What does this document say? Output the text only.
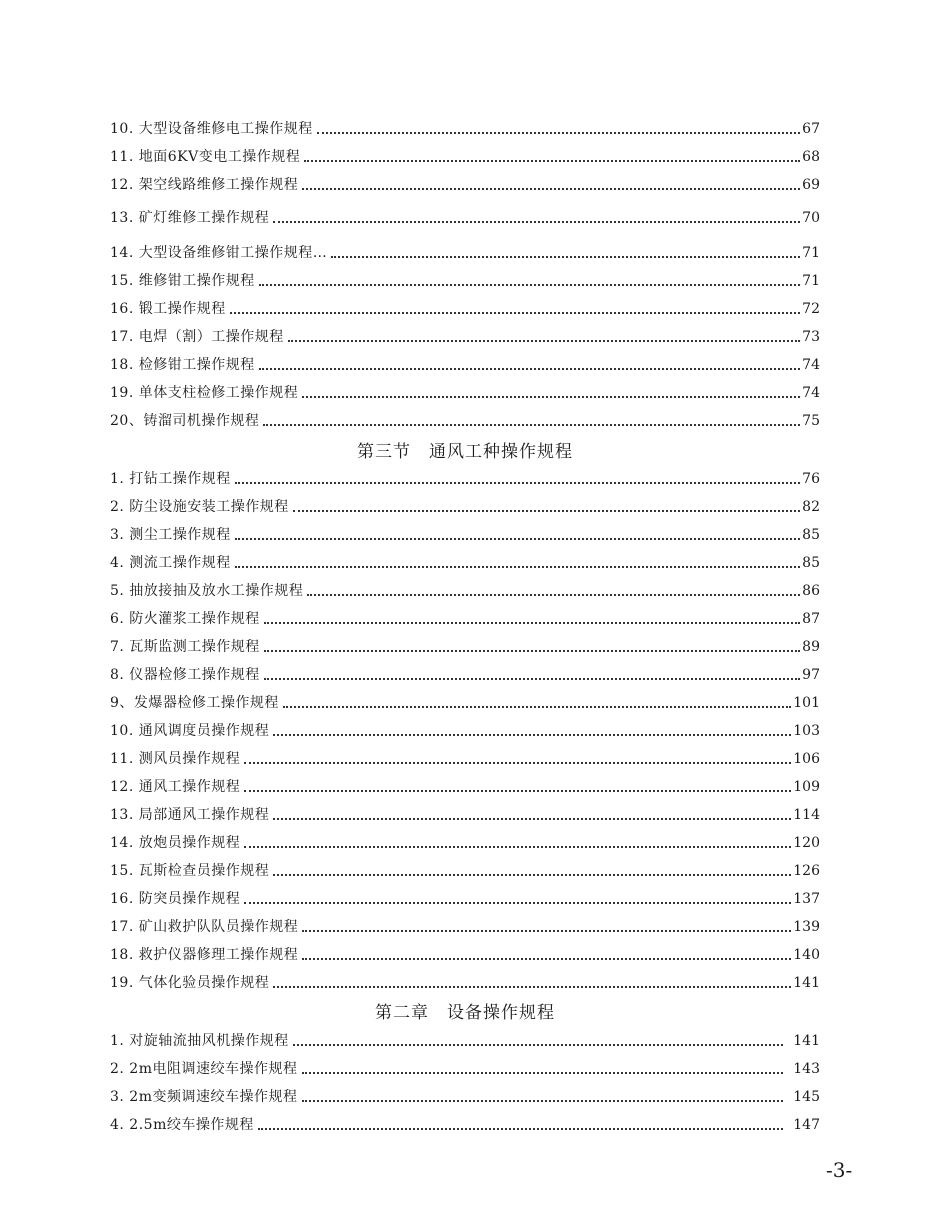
10. 大型设备维修电工操作规程	67
11. 地面6KV变电工操作规程	68
12. 架空线路维修工操作规程	69
13. 矿灯维修工操作规程	70
14. 大型设备维修钳工操作规程…	71
15. 维修钳工操作规程	71
16. 锻工操作规程	72
17. 电焊（割）工操作规程	73
18. 检修钳工操作规程	74
19. 单体支柱检修工操作规程	74
20、铸溜司机操作规程	75
第三节　通风工种操作规程
1. 打钻工操作规程	76
2. 防尘设施安装工操作规程	82
3. 测尘工操作规程	85
4. 测流工操作规程	85
5. 抽放接抽及放水工操作规程	86
6. 防火灌浆工操作规程	87
7. 瓦斯监测工操作规程	89
8. 仪器检修工操作规程	97
9、发爆器检修工操作规程	101
10. 通风调度员操作规程	103
11. 测风员操作规程	106
12. 通风工操作规程	109
13. 局部通风工操作规程	114
14. 放炮员操作规程	120
15. 瓦斯检查员操作规程	126
16. 防突员操作规程	137
17. 矿山救护队队员操作规程	139
18. 救护仪器修理工操作规程	140
19. 气体化验员操作规程	141
第二章　设备操作规程
1. 对旋轴流抽风机操作规程	141
2. 2m电阻调速绞车操作规程	143
3. 2m变频调速绞车操作规程	145
4. 2.5m绞车操作规程	147
-3-
